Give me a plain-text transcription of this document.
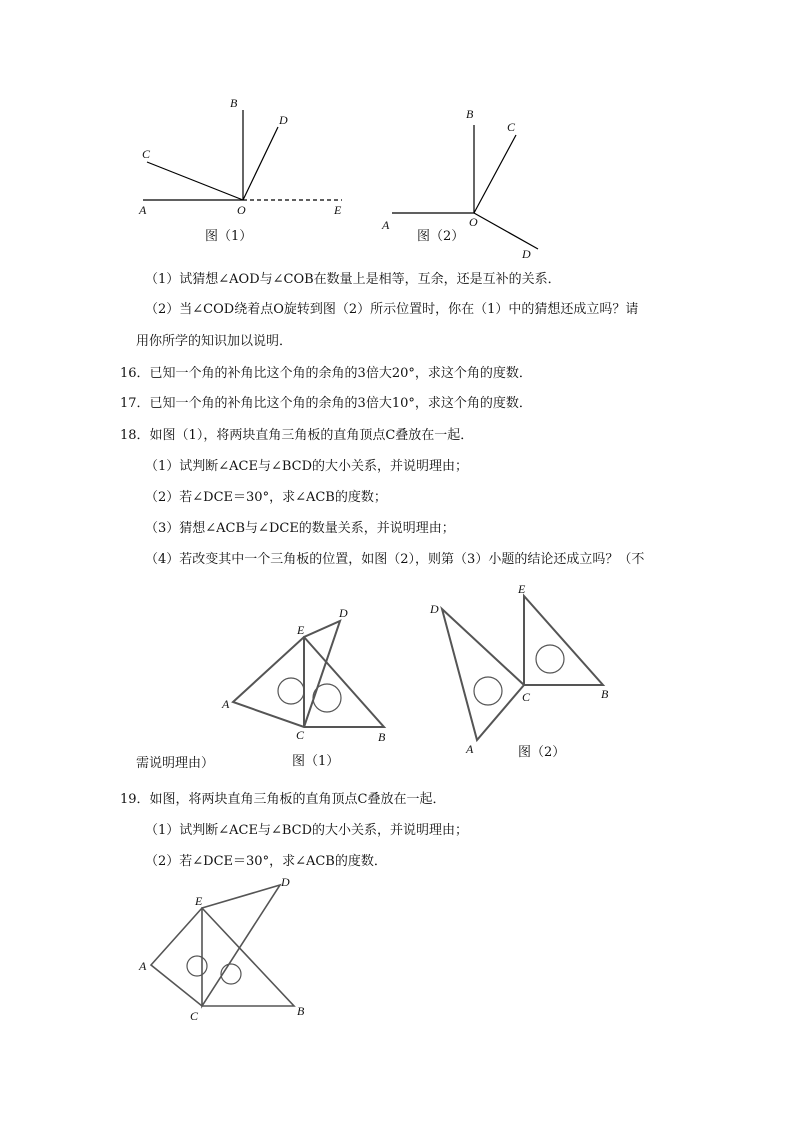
B
D
C
A	O	E
图（1）
B
C
A	O
D
图（2）
（1）试猜想∠AOD与∠COB在数量上是相等，互余，还是互补的关系．
（2）当∠COD绕着点O旋转到图（2）所示位置时，你在（1）中的猜想还成立吗？请
用你所学的知识加以说明．
16．已知一个角的补角比这个角的余角的3倍大20°，求这个角的度数．
17．已知一个角的补角比这个角的余角的3倍大10°，求这个角的度数．
18．如图（1），将两块直角三角板的直角顶点C叠放在一起．
（1）试判断∠ACE与∠BCD的大小关系，并说明理由；
（2）若∠DCE＝30°，求∠ACB的度数；
（3）猜想∠ACB与∠DCE的数量关系，并说明理由；
（4）若改变其中一个三角板的位置，如图（2），则第（3）小题的结论还成立吗？（不
D
E
A
C	B
需说明理由）	图（1）
D
E
C	B
A	图（2）
19．如图，将两块直角三角板的直角顶点C叠放在一起．
（1）试判断∠ACE与∠BCD的大小关系，并说明理由；
（2）若∠DCE＝30°，求∠ACB的度数．
D
E
A
C	B
